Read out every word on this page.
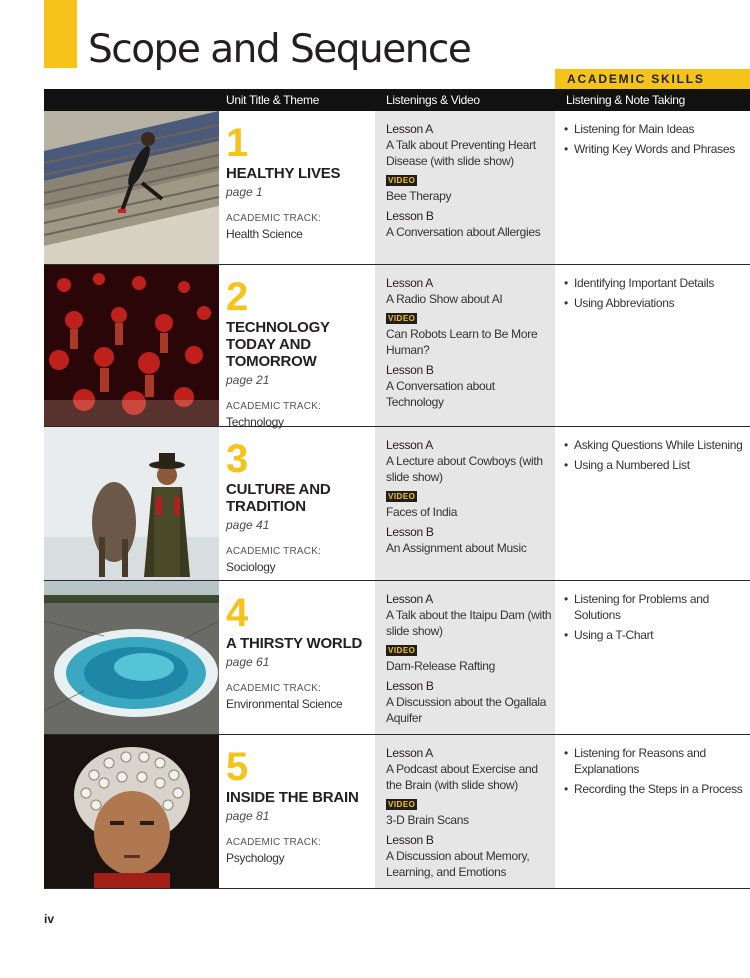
Scope and Sequence
ACADEMIC SKILLS
Unit Title & Theme	Listenings & Video	Listening & Note Taking
1
HEALTHY LIVES
page 1
ACADEMIC TRACK:
Health Science
Lesson A
A Talk about Preventing Heart Disease (with slide show)
VIDEO
Bee Therapy
Lesson B
A Conversation about Allergies
• Listening for Main Ideas
• Writing Key Words and Phrases
2
TECHNOLOGY TODAY AND TOMORROW
page 21
ACADEMIC TRACK:
Technology
Lesson A
A Radio Show about AI
VIDEO
Can Robots Learn to Be More Human?
Lesson B
A Conversation about Technology
• Identifying Important Details
• Using Abbreviations
3
CULTURE AND TRADITION
page 41
ACADEMIC TRACK:
Sociology
Lesson A
A Lecture about Cowboys (with slide show)
VIDEO
Faces of India
Lesson B
An Assignment about Music
• Asking Questions While Listening
• Using a Numbered List
4
A THIRSTY WORLD
page 61
ACADEMIC TRACK:
Environmental Science
Lesson A
A Talk about the Itaipu Dam (with slide show)
VIDEO
Dam-Release Rafting
Lesson B
A Discussion about the Ogallala Aquifer
• Listening for Problems and Solutions
• Using a T-Chart
5
INSIDE THE BRAIN
page 81
ACADEMIC TRACK:
Psychology
Lesson A
A Podcast about Exercise and the Brain (with slide show)
VIDEO
3-D Brain Scans
Lesson B
A Discussion about Memory, Learning, and Emotions
• Listening for Reasons and Explanations
• Recording the Steps in a Process
iv
